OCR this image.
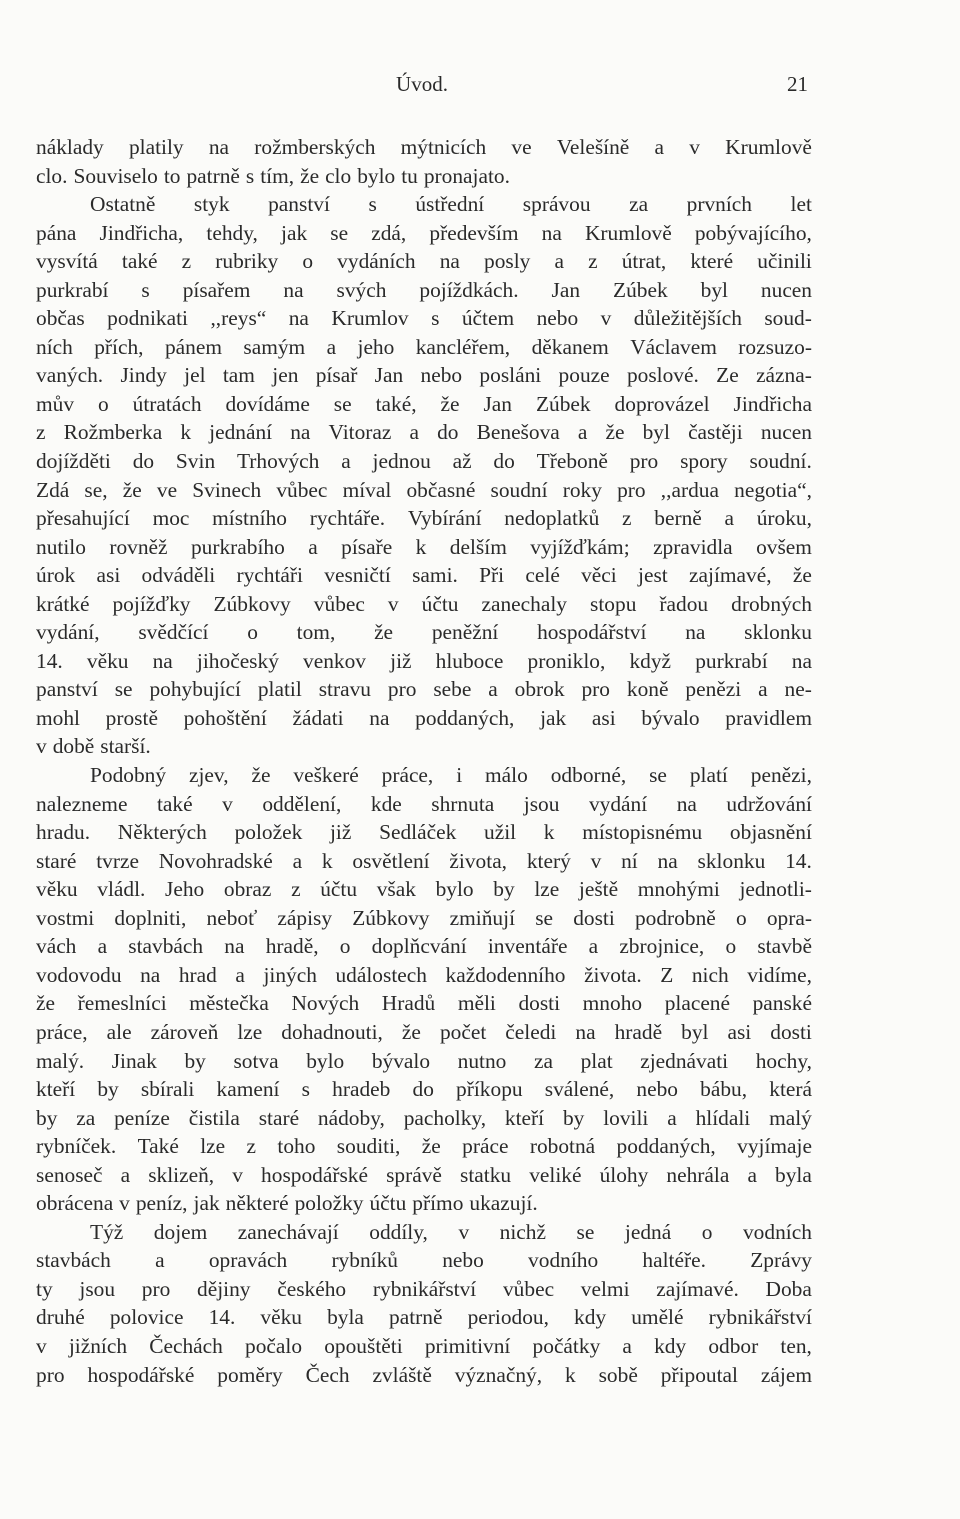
Úvod.	21
náklady platily na rožmberských mýtnicích ve Velešíně a v Krumlově
clo. Souviselo to patrně s tím, že clo bylo tu pronajato.
Ostatně styk panství s ústřední správou za prvních let
pána Jindřicha, tehdy, jak se zdá, především na Krumlově pobývajícího,
vysvítá také z rubriky o vydáních na posly a z útrat, které učinili
purkrabí s písařem na svých pojíždkách. Jan Zúbek byl nucen
občas podnikati ,,reys“ na Krumlov s účtem nebo v důležitějších soud-
ních přích, pánem samým a jeho kancléřem, děkanem Václavem rozsuzo-
vaných. Jindy jel tam jen písař Jan nebo posláni pouze poslové. Ze zázna-
mův o útratách dovídáme se také, že Jan Zúbek doprovázel Jindřicha
z Rožmberka k jednání na Vitoraz a do Benešova a že byl častěji nucen
dojížděti do Svin Trhových a jednou až do Třeboně pro spory soudní.
Zdá se, že ve Svinech vůbec míval občasné soudní roky pro ,,ardua negotia“,
přesahující moc místního rychtáře. Vybírání nedoplatků z berně a úroku,
nutilo rovněž purkrabího a písaře k delším vyjížďkám; zpravidla ovšem
úrok asi odváděli rychtáři vesničtí sami. Při celé věci jest zajímavé, že
krátké pojížďky Zúbkovy vůbec v účtu zanechaly stopu řadou drobných
vydání, svědčící o tom, že peněžní hospodářství na sklonku
14. věku na jihočeský venkov již hluboce proniklo, když purkrabí na
panství se pohybující platil stravu pro sebe a obrok pro koně penězi a ne-
mohl prostě pohoštění žádati na poddaných, jak asi bývalo pravidlem
v době starší.
Podobný zjev, že veškeré práce, i málo odborné, se platí penězi,
nalezneme také v oddělení, kde shrnuta jsou vydání na udržování
hradu. Některých položek již Sedláček užil k místopisnému objasnění
staré tvrze Novohradské a k osvětlení života, který v ní na sklonku 14.
věku vládl. Jeho obraz z účtu však bylo by lze ještě mnohými jednotli-
vostmi doplniti, neboť zápisy Zúbkovy zmiňují se dosti podrobně o opra-
vách a stavbách na hradě, o doplňcvání inventáře a zbrojnice, o stavbě
vodovodu na hrad a jiných událostech každodenního života. Z nich vidíme,
že řemeslníci městečka Nových Hradů měli dosti mnoho placené panské
práce, ale zároveň lze dohadnouti, že počet čeledi na hradě byl asi dosti
malý. Jinak by sotva bylo bývalo nutno za plat zjednávati hochy,
kteří by sbírali kamení s hradeb do příkopu sválené, nebo bábu, která
by za peníze čistila staré nádoby, pacholky, kteří by lovili a hlídali malý
rybníček. Také lze z toho souditi, že práce robotná poddaných, vyjímaje
senoseč a sklizeň, v hospodářské správě statku veliké úlohy nehrála a byla
obrácena v peníz, jak některé položky účtu přímo ukazují.
Týž dojem zanechávají oddíly, v nichž se jedná o vodních
stavbách a opravách rybníků nebo vodního haltéře. Zprávy
ty jsou pro dějiny českého rybnikářství vůbec velmi zajímavé. Doba
druhé polovice 14. věku byla patrně periodou, kdy umělé rybnikářství
v jižních Čechách počalo opouštěti primitivní počátky a kdy odbor ten,
pro hospodářské poměry Čech zvláště význačný, k sobě připoutal zájem
